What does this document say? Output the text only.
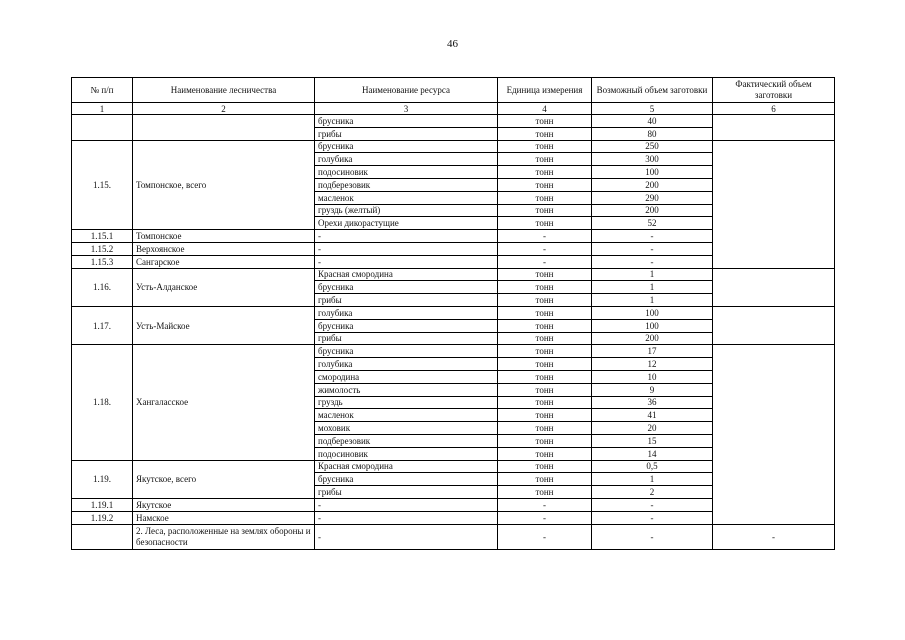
46
№ п/п	Наименование лесничества	Наименование ресурса	Единица измерения	Возможный объем заготовки	Фактический объем заготовки
1	2	3	4	5	6
		брусника	тонн	40	
		грибы	тонн	80	
1.15.	Томпонское, всего	брусника	тонн	250	
		голубика	тонн	300	
		подосиновик	тонн	100	
		подберезовик	тонн	200	
		масленок	тонн	290	
		груздь (желтый)	тонн	200	
		Орехи дикорастущие	тонн	52	
1.15.1	Томпонское	-	-	-	
1.15.2	Верхоянское	-	-	-	
1.15.3	Сангарское	-	-	-	
1.16.	Усть-Алданское	Красная смородина	тонн	1	
		брусника	тонн	1	
		грибы	тонн	1	
1.17.	Усть-Майское	голубика	тонн	100	
		брусника	тонн	100	
		грибы	тонн	200	
1.18.	Хангаласское	брусника	тонн	17	
		голубика	тонн	12	
		смородина	тонн	10	
		жимолость	тонн	9	
		груздь	тонн	36	
		масленок	тонн	41	
		моховик	тонн	20	
		подберезовик	тонн	15	
		подосиновик	тонн	14	
1.19.	Якутское, всего	Красная смородина	тонн	0,5	
		брусника	тонн	1	
		грибы	тонн	2	
1.19.1	Якутское	-	-	-	
1.19.2	Намское	-	-	-	
	2. Леса, расположенные на землях обороны и безопасности	-	-	-	-
